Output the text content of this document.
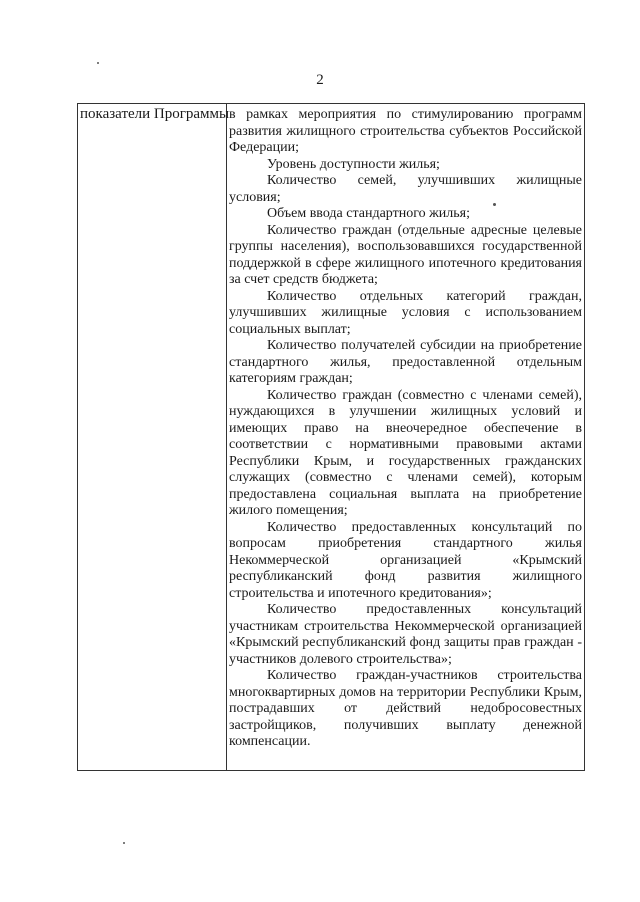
2
показатели Программы в рамках мероприятия по стимулированию программ развития жилищного строительства субъектов Российской Федерации;

Уровень доступности жилья;

Количество семей, улучшивших жилищные условия;

Объем ввода стандартного жилья;

Количество граждан (отдельные адресные целевые группы населения), воспользовавшихся государственной поддержкой в сфере жилищного ипотечного кредитования за счет средств бюджета;

Количество отдельных категорий граждан, улучшивших жилищные условия с использованием социальных выплат;

Количество получателей субсидии на приобретение стандартного жилья, предоставленной отдельным категориям граждан;

Количество граждан (совместно с членами семей), нуждающихся в улучшении жилищных условий и имеющих право на внеочередное обеспечение в соответствии с нормативными правовыми актами Республики Крым, и государственных гражданских служащих (совместно с членами семей), которым предоставлена социальная выплата на приобретение жилого помещения;

Количество предоставленных консультаций по вопросам приобретения стандартного жилья Некоммерческой организацией «Крымский республиканский фонд развития жилищного строительства и ипотечного кредитования»;

Количество предоставленных консультаций участникам строительства Некоммерческой организацией «Крымский республиканский фонд защиты прав граждан - участников долевого строительства»;

Количество граждан-участников строительства многоквартирных домов на территории Республики Крым, пострадавших от действий недобросовестных застройщиков, получивших выплату денежной компенсации.
